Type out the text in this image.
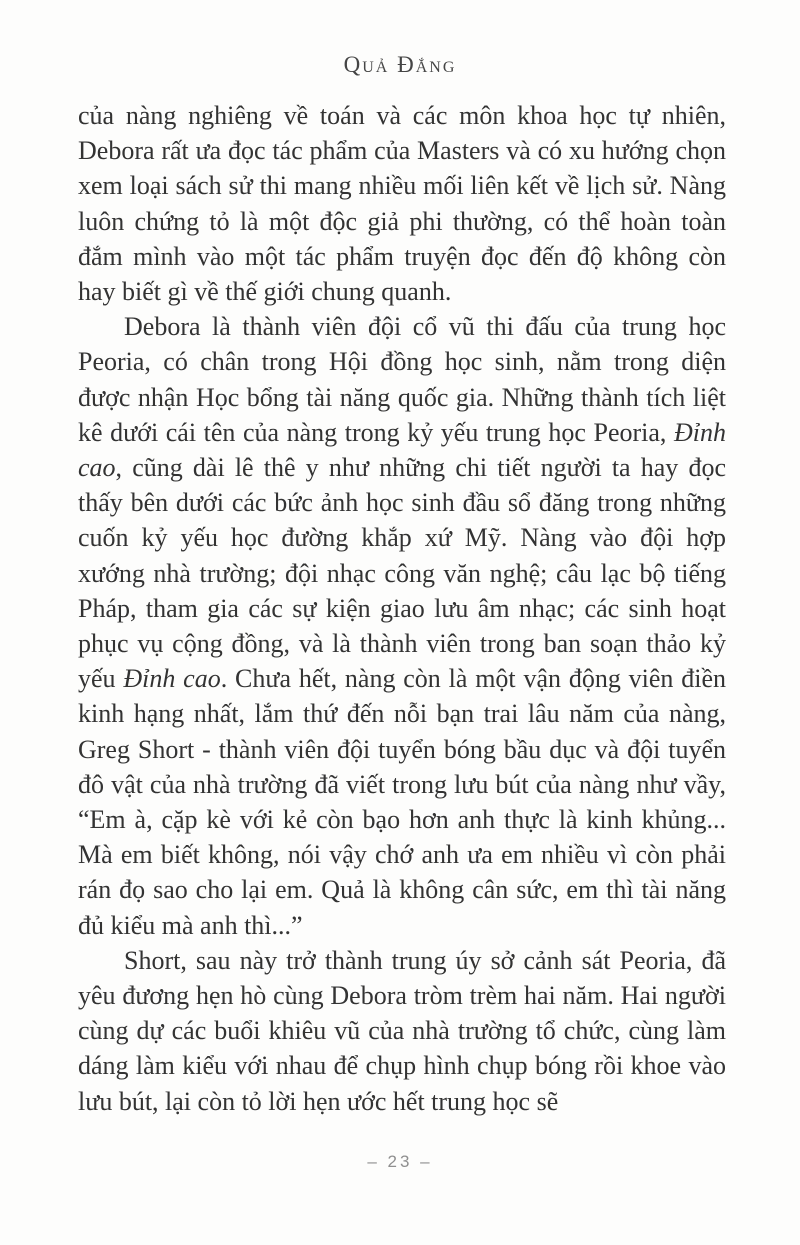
Quả Đắng

của nàng nghiêng về toán và các môn khoa học tự nhiên, Debora rất ưa đọc tác phẩm của Masters và có xu hướng chọn xem loại sách sử thi mang nhiều mối liên kết về lịch sử. Nàng luôn chứng tỏ là một độc giả phi thường, có thể hoàn toàn đắm mình vào một tác phẩm truyện đọc đến độ không còn hay biết gì về thế giới chung quanh.

Debora là thành viên đội cổ vũ thi đấu của trung học Peoria, có chân trong Hội đồng học sinh, nằm trong diện được nhận Học bổng tài năng quốc gia. Những thành tích liệt kê dưới cái tên của nàng trong kỷ yếu trung học Peoria, Đỉnh cao, cũng dài lê thê y như những chi tiết người ta hay đọc thấy bên dưới các bức ảnh học sinh đầu sổ đăng trong những cuốn kỷ yếu học đường khắp xứ Mỹ. Nàng vào đội hợp xướng nhà trường; đội nhạc công văn nghệ; câu lạc bộ tiếng Pháp, tham gia các sự kiện giao lưu âm nhạc; các sinh hoạt phục vụ cộng đồng, và là thành viên trong ban soạn thảo kỷ yếu Đỉnh cao. Chưa hết, nàng còn là một vận động viên điền kinh hạng nhất, lắm thứ đến nỗi bạn trai lâu năm của nàng, Greg Short - thành viên đội tuyển bóng bầu dục và đội tuyển đô vật của nhà trường đã viết trong lưu bút của nàng như vầy, “Em à, cặp kè với kẻ còn bạo hơn anh thực là kinh khủng... Mà em biết không, nói vậy chớ anh ưa em nhiều vì còn phải rán đọ sao cho lại em. Quả là không cân sức, em thì tài năng đủ kiểu mà anh thì...”

Short, sau này trở thành trung úy sở cảnh sát Peoria, đã yêu đương hẹn hò cùng Debora tròm trèm hai năm. Hai người cùng dự các buổi khiêu vũ của nhà trường tổ chức, cùng làm dáng làm kiểu với nhau để chụp hình chụp bóng rồi khoe vào lưu bút, lại còn tỏ lời hẹn ước hết trung học sẽ

– 23 –
